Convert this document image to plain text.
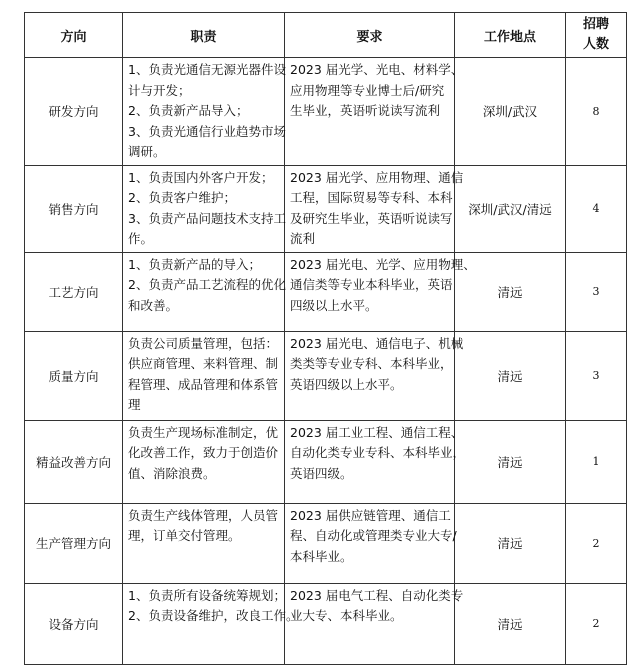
方向	职责	要求	工作地点	招聘
人数

研发方向	1、负责光通信无源光器件设
计与开发；
2、负责新产品导入；
3、负责光通信行业趋势市场
调研。	2023 届光学、光电、材料学、
应用物理等专业博士后/研究
生毕业，英语听说读写流利	深圳/武汉	8
销售方向	1、负责国内外客户开发；
2、负责客户维护；
3、负责产品问题技术支持工
作。	2023 届光学、应用物理、通信
工程，国际贸易等专科、本科
及研究生毕业，英语听说读写
流利	深圳/武汉/清远	4
工艺方向	1、负责新产品的导入；
2、负责产品工艺流程的优化
和改善。	2023 届光电、光学、应用物理、
通信类等专业本科毕业，英语
四级以上水平。	清远	3
质量方向	负责公司质量管理，包括：
供应商管理、来料管理、制
程管理、成品管理和体系管
理	2023 届光电、通信电子、机械
类类等专业专科、本科毕业，
英语四级以上水平。	清远	3
精益改善方向	负责生产现场标准制定，优
化改善工作，致力于创造价
值、消除浪费。	2023 届工业工程、通信工程、
自动化类专业专科、本科毕业，
英语四级。	清远	1
生产管理方向	负责生产线体管理，人员管
理，订单交付管理。	2023 届供应链管理、通信工
程、自动化或管理类专业大专/
本科毕业。	清远	2
设备方向	1、负责所有设备统筹规划；
2、负责设备维护，改良工作。	2023 届电气工程、自动化类专
业大专、本科毕业。	清远	2
